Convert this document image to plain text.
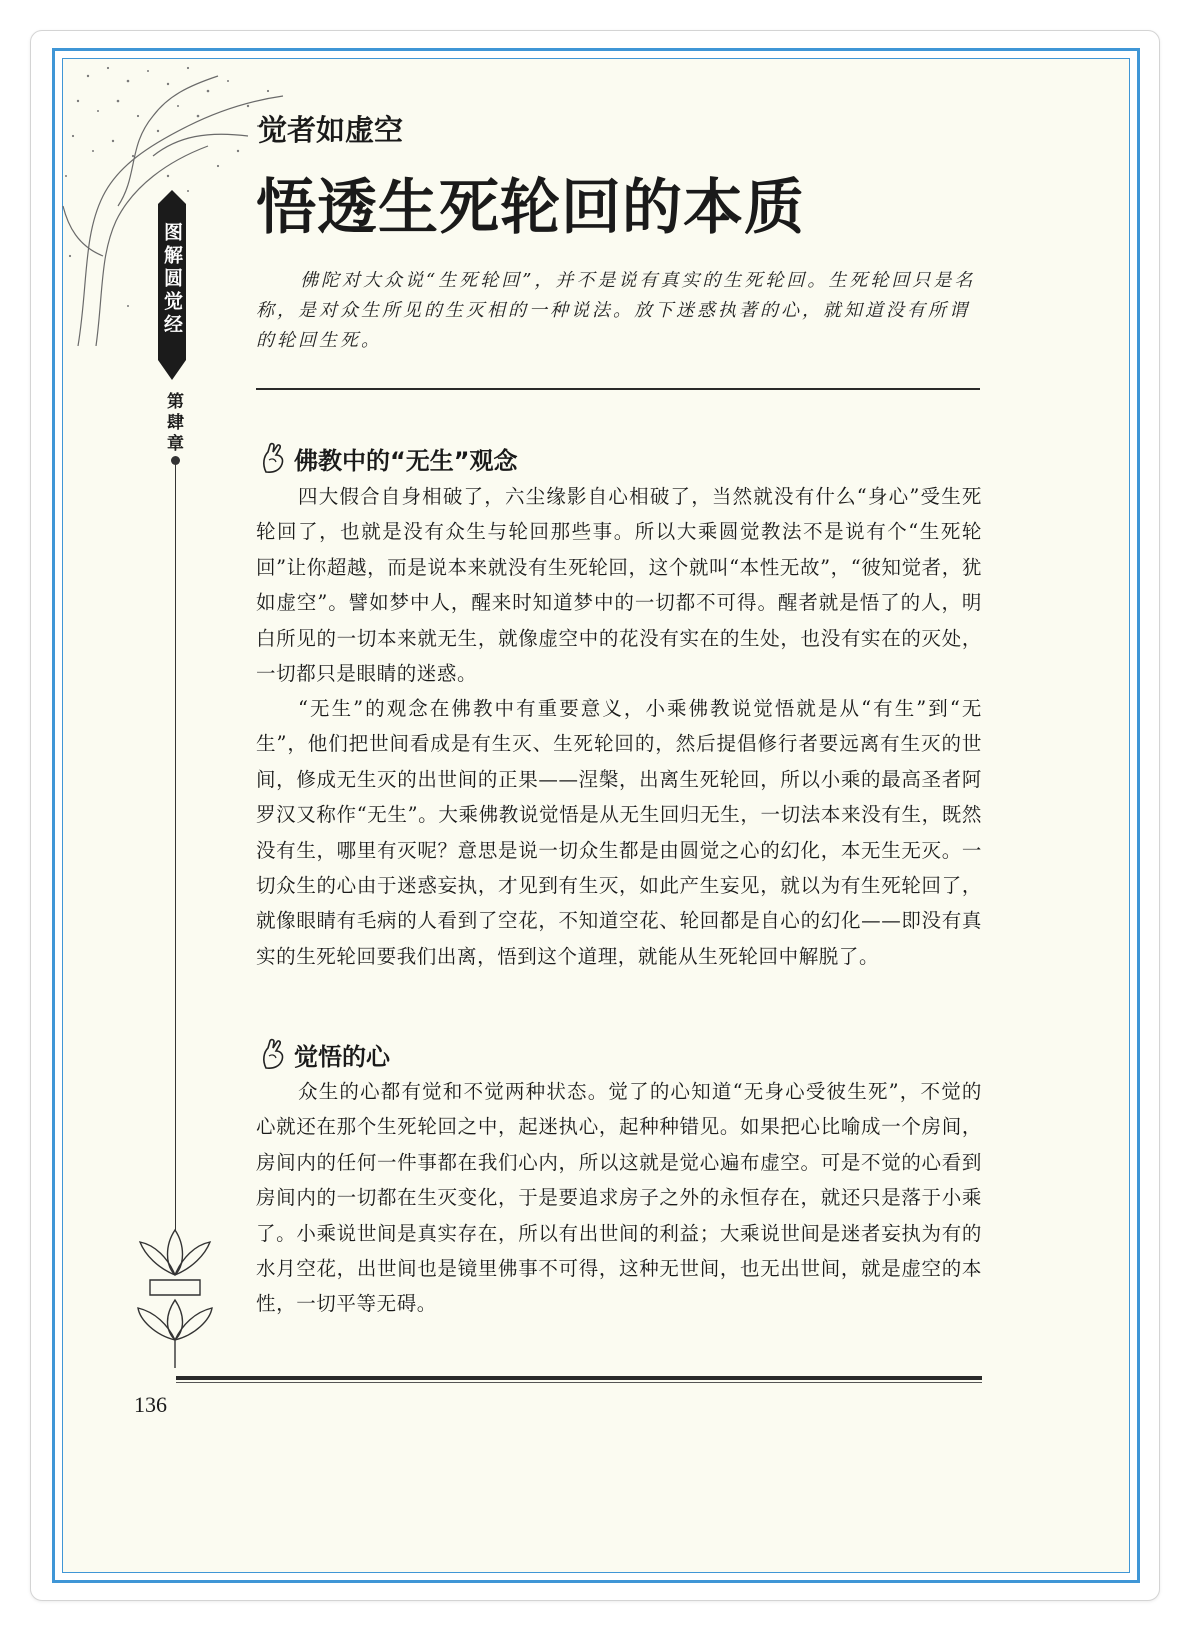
图解圆觉经
第肆章
觉者如虚空
悟透生死轮回的本质
佛陀对大众说“生死轮回”，并不是说有真实的生死轮回。生死轮回只是名称，是对众生所见的生灭相的一种说法。放下迷惑执著的心，就知道没有所谓的轮回生死。
佛教中的“无生”观念
四大假合自身相破了，六尘缘影自心相破了，当然就没有什么“身心”受生死轮回了，也就是没有众生与轮回那些事。所以大乘圆觉教法不是说有个“生死轮回”让你超越，而是说本来就没有生死轮回，这个就叫“本性无故”，“彼知觉者，犹如虚空”。譬如梦中人，醒来时知道梦中的一切都不可得。醒者就是悟了的人，明白所见的一切本来就无生，就像虚空中的花没有实在的生处，也没有实在的灭处，一切都只是眼睛的迷惑。
“无生”的观念在佛教中有重要意义，小乘佛教说觉悟就是从“有生”到“无生”，他们把世间看成是有生灭、生死轮回的，然后提倡修行者要远离有生灭的世间，修成无生灭的出世间的正果——涅槃，出离生死轮回，所以小乘的最高圣者阿罗汉又称作“无生”。大乘佛教说觉悟是从无生回归无生，一切法本来没有生，既然没有生，哪里有灭呢？意思是说一切众生都是由圆觉之心的幻化，本无生无灭。一切众生的心由于迷惑妄执，才见到有生灭，如此产生妄见，就以为有生死轮回了，就像眼睛有毛病的人看到了空花，不知道空花、轮回都是自心的幻化——即没有真实的生死轮回要我们出离，悟到这个道理，就能从生死轮回中解脱了。
觉悟的心
众生的心都有觉和不觉两种状态。觉了的心知道“无身心受彼生死”，不觉的心就还在那个生死轮回之中，起迷执心，起种种错见。如果把心比喻成一个房间，房间内的任何一件事都在我们心内，所以这就是觉心遍布虚空。可是不觉的心看到房间内的一切都在生灭变化，于是要追求房子之外的永恒存在，就还只是落于小乘了。小乘说世间是真实存在，所以有出世间的利益；大乘说世间是迷者妄执为有的水月空花，出世间也是镜里佛事不可得，这种无世间，也无出世间，就是虚空的本性，一切平等无碍。
136
